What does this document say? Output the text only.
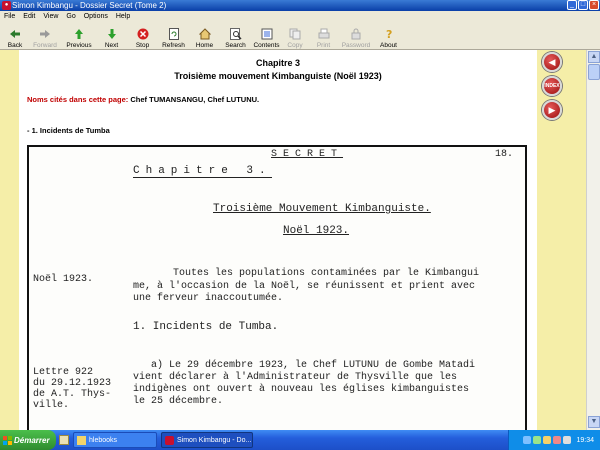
● Simon Kimbangu - Dossier Secret (Tome 2)	_ □ ×
File Edit View Go Options Help
Back Forward Previous Next	Stop Refresh Home Search Contents Copy Print Password
?
About
Chapitre 3
Troisième mouvement Kimbanguiste (Noël 1923)
Noms cités dans cette page: Chef TUMANSANGU, Chef LUTUNU.
- 1. Incidents de Tumba
SECRET	18.
Chapitre 3.
Troisième Mouvement Kimbanguiste.
Noël 1923.
Noël 1923.
Toutes les populations contaminées par le Kimbangui
me, à l'occasion de la Noël, se réunissent et prient avec
une ferveur inaccoutumée.
1. Incidents de Tumba.
Lettre 922
du 29.12.1923
de A.T. Thys-
ville.
a) Le 29 décembre 1923, le Chef LUTUNU de Gombe Matadi
vient déclarer à l'Administrateur de Thysville que les
indigènes ont ouvert à nouveau les églises kimbanguistes
le 25 décembre.
◀
INDEX
▶
▲
▼
Démarrer	hlebooks	Simon Kimbangu - Do...	19:34
